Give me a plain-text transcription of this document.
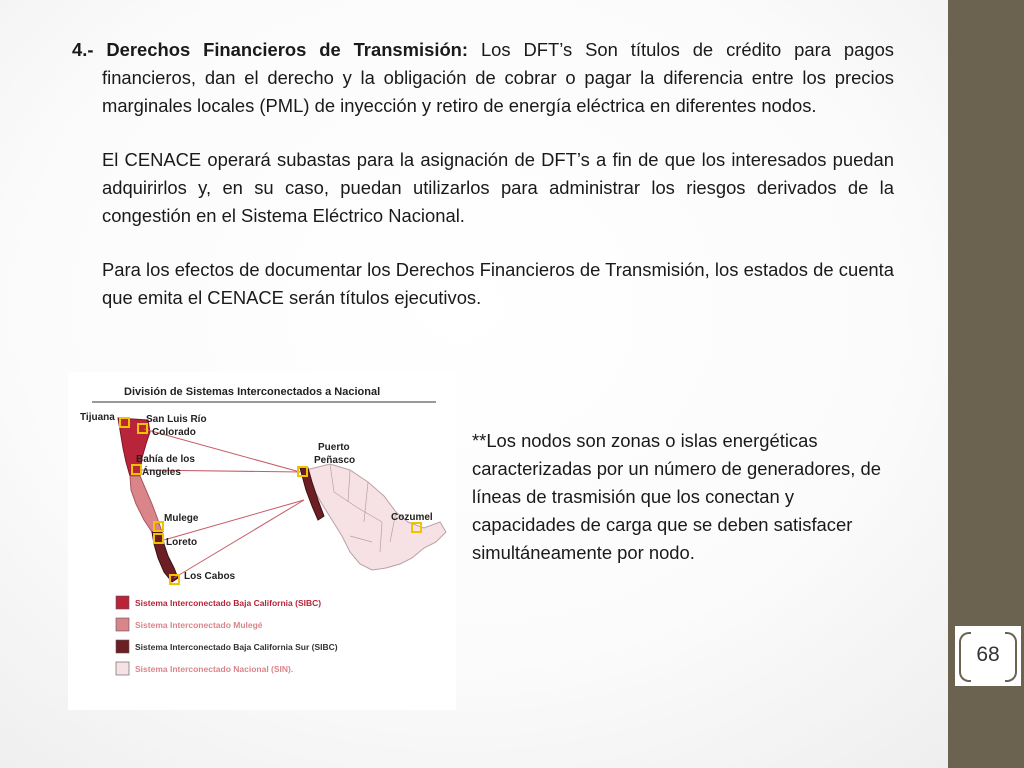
68

4.- Derechos Financieros de Transmisión: Los DFT’s Son títulos de crédito para pagos financieros, dan el derecho y la obligación de cobrar o pagar la diferencia entre los precios marginales locales (PML) de inyección y retiro de energía eléctrica en diferentes nodos.

El CENACE operará subastas para la asignación de DFT’s a fin de que los interesados puedan adquirirlos y, en su caso, puedan utilizarlos para administrar los riesgos derivados de la congestión en el Sistema Eléctrico Nacional.

Para los efectos de documentar los Derechos Financieros de Transmisión, los estados de cuenta que emita el CENACE serán títulos ejecutivos.

División de Sistemas Interconectados a Nacional
Tijuana	San Luis Río
Colorado
Bahía de los
Ángeles
Mulege
Loreto
Los Cabos
Puerto
Peñasco
Cozumel
Sistema Interconectado Baja California (SIBC)
Sistema Interconectado Mulegé
Sistema Interconectado Baja California Sur (SIBC)
Sistema Interconectado Nacional (SIN).
**Los nodos son zonas o islas energéticas caracterizadas por un número de generadores, de líneas de trasmisión que los conectan y capacidades de carga que se deben satisfacer simultáneamente por nodo.
